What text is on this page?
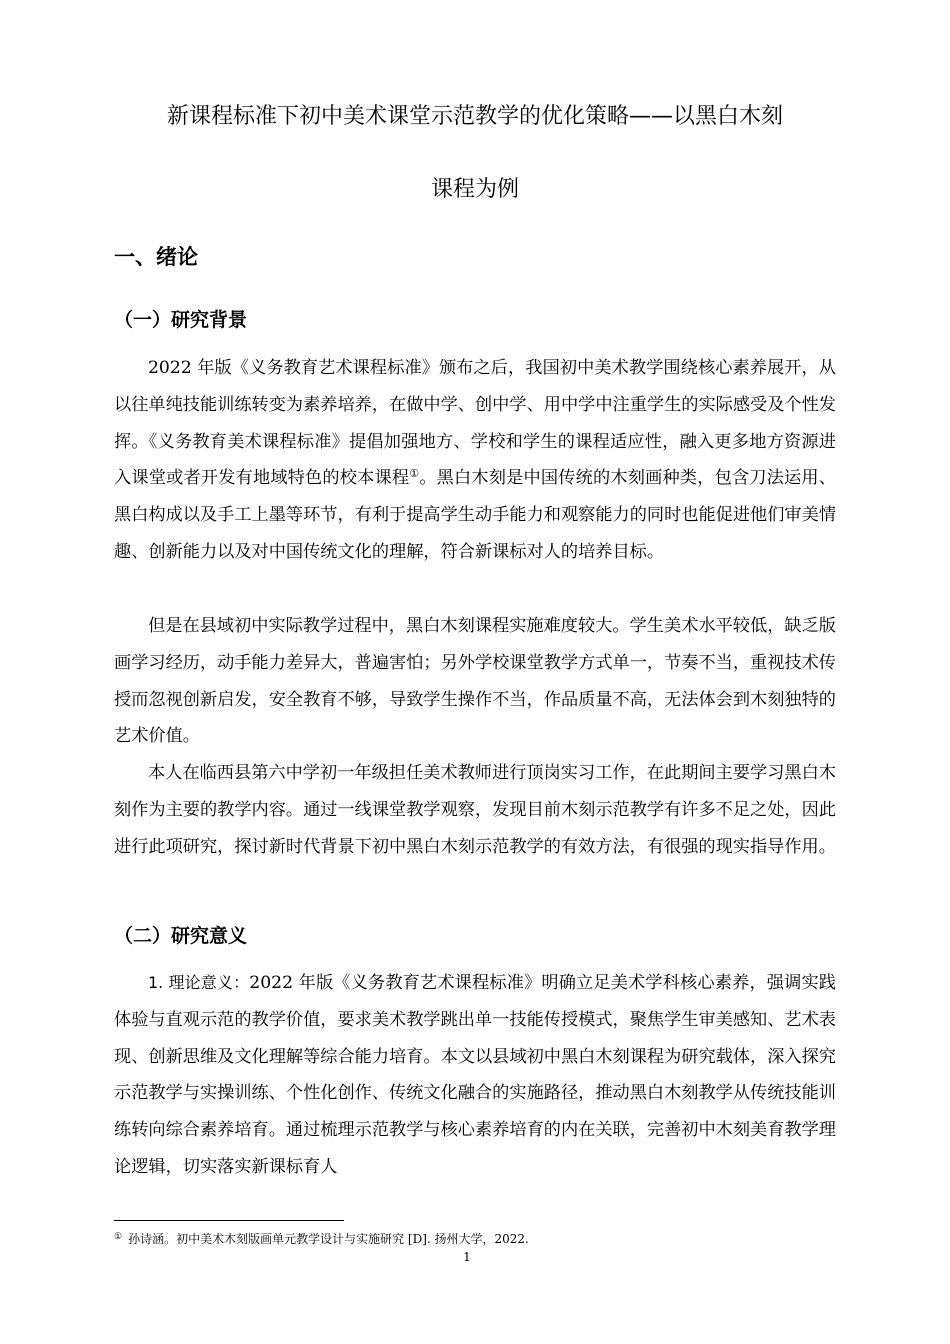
新课程标准下初中美术课堂示范教学的优化策略——以黑白木刻
课程为例
一、绪论
（一）研究背景

2022 年版《义务教育艺术课程标准》颁布之后，我国初中美术教学围绕核心素养展开，从以往单纯技能训练转变为素养培养，在做中学、创中学、用中学中注重学生的实际感受及个性发挥。《义务教育美术课程标准》提倡加强地方、学校和学生的课程适应性，融入更多地方资源进入课堂或者开发有地域特色的校本课程①。黑白木刻是中国传统的木刻画种类，包含刀法运用、黑白构成以及手工上墨等环节，有利于提高学生动手能力和观察能力的同时也能促进他们审美情趣、创新能力以及对中国传统文化的理解，符合新课标对人的培养目标。

但是在县域初中实际教学过程中，黑白木刻课程实施难度较大。学生美术水平较低，缺乏版画学习经历，动手能力差异大，普遍害怕；另外学校课堂教学方式单一，节奏不当，重视技术传授而忽视创新启发，安全教育不够，导致学生操作不当，作品质量不高，无法体会到木刻独特的艺术价值。

本人在临西县第六中学初一年级担任美术教师进行顶岗实习工作，在此期间主要学习黑白木刻作为主要的教学内容。通过一线课堂教学观察，发现目前木刻示范教学有许多不足之处，因此进行此项研究，探讨新时代背景下初中黑白木刻示范教学的有效方法，有很强的现实指导作用。

（二）研究意义

1. 理论意义：2022 年版《义务教育艺术课程标准》明确立足美术学科核心素养，强调实践体验与直观示范的教学价值，要求美术教学跳出单一技能传授模式，聚焦学生审美感知、艺术表现、创新思维及文化理解等综合能力培育。本文以县域初中黑白木刻课程为研究载体，深入探究示范教学与实操训练、个性化创作、传统文化融合的实施路径，推动黑白木刻教学从传统技能训练转向综合素养培育。通过梳理示范教学与核心素养培育的内在关联，完善初中木刻美育教学理论逻辑，切实落实新课标育人

① 孙诗涵。初中美术木刻版画单元教学设计与实施研究 [D]. 扬州大学，2022.
1
